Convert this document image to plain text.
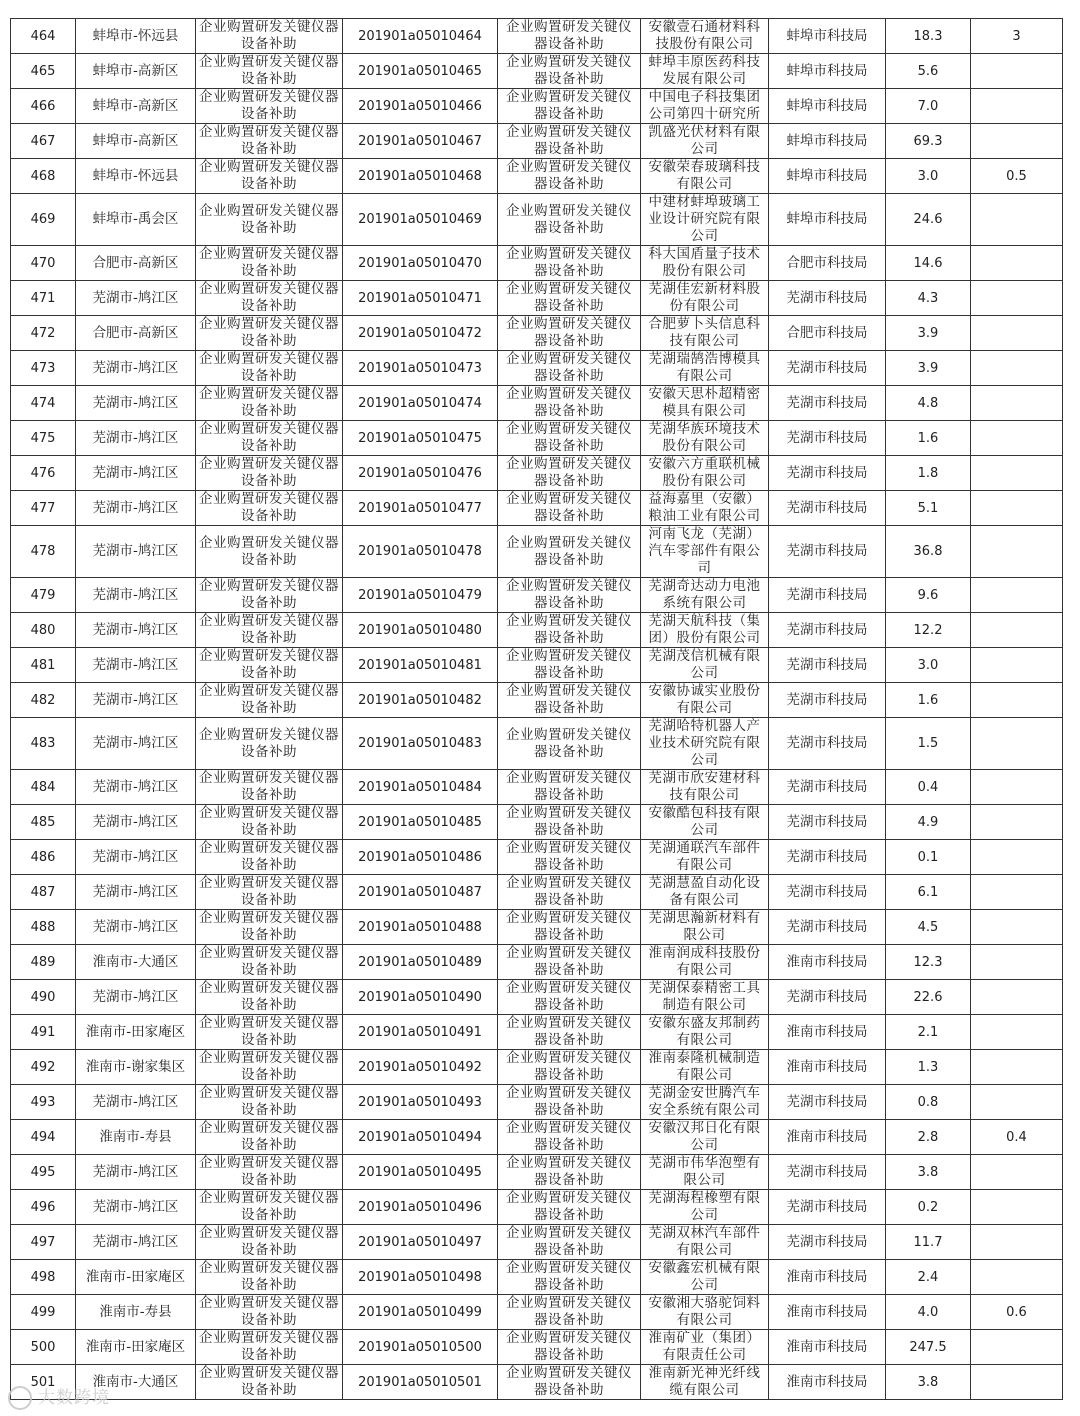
464	蚌埠市-怀远县	企业购置研发关键仪器设备补助	201901a05010464	企业购置研发关键仪器设备补助	安徽壹石通材料科技股份有限公司	蚌埠市科技局	18.3	3
465	蚌埠市-高新区	企业购置研发关键仪器设备补助	201901a05010465	企业购置研发关键仪器设备补助	蚌埠丰原医药科技发展有限公司	蚌埠市科技局	5.6	
466	蚌埠市-高新区	企业购置研发关键仪器设备补助	201901a05010466	企业购置研发关键仪器设备补助	中国电子科技集团公司第四十研究所	蚌埠市科技局	7.0	
467	蚌埠市-高新区	企业购置研发关键仪器设备补助	201901a05010467	企业购置研发关键仪器设备补助	凯盛光伏材料有限公司	蚌埠市科技局	69.3	
468	蚌埠市-怀远县	企业购置研发关键仪器设备补助	201901a05010468	企业购置研发关键仪器设备补助	安徽荣春玻璃科技有限公司	蚌埠市科技局	3.0	0.5
469	蚌埠市-禹会区	企业购置研发关键仪器设备补助	201901a05010469	企业购置研发关键仪器设备补助	中建材蚌埠玻璃工业设计研究院有限公司	蚌埠市科技局	24.6	
470	合肥市-高新区	企业购置研发关键仪器设备补助	201901a05010470	企业购置研发关键仪器设备补助	科大国盾量子技术股份有限公司	合肥市科技局	14.6	
471	芜湖市-鸠江区	企业购置研发关键仪器设备补助	201901a05010471	企业购置研发关键仪器设备补助	芜湖佳宏新材料股份有限公司	芜湖市科技局	4.3	
472	合肥市-高新区	企业购置研发关键仪器设备补助	201901a05010472	企业购置研发关键仪器设备补助	合肥萝卜头信息科技有限公司	合肥市科技局	3.9	
473	芜湖市-鸠江区	企业购置研发关键仪器设备补助	201901a05010473	企业购置研发关键仪器设备补助	芜湖瑞鹄浩博模具有限公司	芜湖市科技局	3.9	
474	芜湖市-鸠江区	企业购置研发关键仪器设备补助	201901a05010474	企业购置研发关键仪器设备补助	安徽天思朴超精密模具有限公司	芜湖市科技局	4.8	
475	芜湖市-鸠江区	企业购置研发关键仪器设备补助	201901a05010475	企业购置研发关键仪器设备补助	芜湖华族环境技术股份有限公司	芜湖市科技局	1.6	
476	芜湖市-鸠江区	企业购置研发关键仪器设备补助	201901a05010476	企业购置研发关键仪器设备补助	安徽六方重联机械股份有限公司	芜湖市科技局	1.8	
477	芜湖市-鸠江区	企业购置研发关键仪器设备补助	201901a05010477	企业购置研发关键仪器设备补助	益海嘉里（安徽）粮油工业有限公司	芜湖市科技局	5.1	
478	芜湖市-鸠江区	企业购置研发关键仪器设备补助	201901a05010478	企业购置研发关键仪器设备补助	河南飞龙（芜湖）汽车零部件有限公司	芜湖市科技局	36.8	
479	芜湖市-鸠江区	企业购置研发关键仪器设备补助	201901a05010479	企业购置研发关键仪器设备补助	芜湖奇达动力电池系统有限公司	芜湖市科技局	9.6	
480	芜湖市-鸠江区	企业购置研发关键仪器设备补助	201901a05010480	企业购置研发关键仪器设备补助	芜湖天航科技（集团）股份有限公司	芜湖市科技局	12.2	
481	芜湖市-鸠江区	企业购置研发关键仪器设备补助	201901a05010481	企业购置研发关键仪器设备补助	芜湖茂信机械有限公司	芜湖市科技局	3.0	
482	芜湖市-鸠江区	企业购置研发关键仪器设备补助	201901a05010482	企业购置研发关键仪器设备补助	安徽协诚实业股份有限公司	芜湖市科技局	1.6	
483	芜湖市-鸠江区	企业购置研发关键仪器设备补助	201901a05010483	企业购置研发关键仪器设备补助	芜湖哈特机器人产业技术研究院有限公司	芜湖市科技局	1.5	
484	芜湖市-鸠江区	企业购置研发关键仪器设备补助	201901a05010484	企业购置研发关键仪器设备补助	芜湖市欣安建材科技有限公司	芜湖市科技局	0.4	
485	芜湖市-鸠江区	企业购置研发关键仪器设备补助	201901a05010485	企业购置研发关键仪器设备补助	安徽酷包科技有限公司	芜湖市科技局	4.9	
486	芜湖市-鸠江区	企业购置研发关键仪器设备补助	201901a05010486	企业购置研发关键仪器设备补助	芜湖通联汽车部件有限公司	芜湖市科技局	0.1	
487	芜湖市-鸠江区	企业购置研发关键仪器设备补助	201901a05010487	企业购置研发关键仪器设备补助	芜湖慧盈自动化设备有限公司	芜湖市科技局	6.1	
488	芜湖市-鸠江区	企业购置研发关键仪器设备补助	201901a05010488	企业购置研发关键仪器设备补助	芜湖思瀚新材料有限公司	芜湖市科技局	4.5	
489	淮南市-大通区	企业购置研发关键仪器设备补助	201901a05010489	企业购置研发关键仪器设备补助	淮南润成科技股份有限公司	淮南市科技局	12.3	
490	芜湖市-鸠江区	企业购置研发关键仪器设备补助	201901a05010490	企业购置研发关键仪器设备补助	芜湖保泰精密工具制造有限公司	芜湖市科技局	22.6	
491	淮南市-田家庵区	企业购置研发关键仪器设备补助	201901a05010491	企业购置研发关键仪器设备补助	安徽东盛友邦制药有限公司	淮南市科技局	2.1	
492	淮南市-谢家集区	企业购置研发关键仪器设备补助	201901a05010492	企业购置研发关键仪器设备补助	淮南泰隆机械制造有限公司	淮南市科技局	1.3	
493	芜湖市-鸠江区	企业购置研发关键仪器设备补助	201901a05010493	企业购置研发关键仪器设备补助	芜湖金安世腾汽车安全系统有限公司	芜湖市科技局	0.8	
494	淮南市-寿县	企业购置研发关键仪器设备补助	201901a05010494	企业购置研发关键仪器设备补助	安徽汉邦日化有限公司	淮南市科技局	2.8	0.4
495	芜湖市-鸠江区	企业购置研发关键仪器设备补助	201901a05010495	企业购置研发关键仪器设备补助	芜湖市伟华泡塑有限公司	芜湖市科技局	3.8	
496	芜湖市-鸠江区	企业购置研发关键仪器设备补助	201901a05010496	企业购置研发关键仪器设备补助	芜湖海程橡塑有限公司	芜湖市科技局	0.2	
497	芜湖市-鸠江区	企业购置研发关键仪器设备补助	201901a05010497	企业购置研发关键仪器设备补助	芜湖双林汽车部件有限公司	芜湖市科技局	11.7	
498	淮南市-田家庵区	企业购置研发关键仪器设备补助	201901a05010498	企业购置研发关键仪器设备补助	安徽鑫宏机械有限公司	淮南市科技局	2.4	
499	淮南市-寿县	企业购置研发关键仪器设备补助	201901a05010499	企业购置研发关键仪器设备补助	安徽湘大骆驼饲料有限公司	淮南市科技局	4.0	0.6
500	淮南市-田家庵区	企业购置研发关键仪器设备补助	201901a05010500	企业购置研发关键仪器设备补助	淮南矿业（集团）有限责任公司	淮南市科技局	247.5	
501	淮南市-大通区	企业购置研发关键仪器设备补助	201901a05010501	企业购置研发关键仪器设备补助	淮南新光神光纤线缆有限公司	淮南市科技局	3.8	
大数跨境
